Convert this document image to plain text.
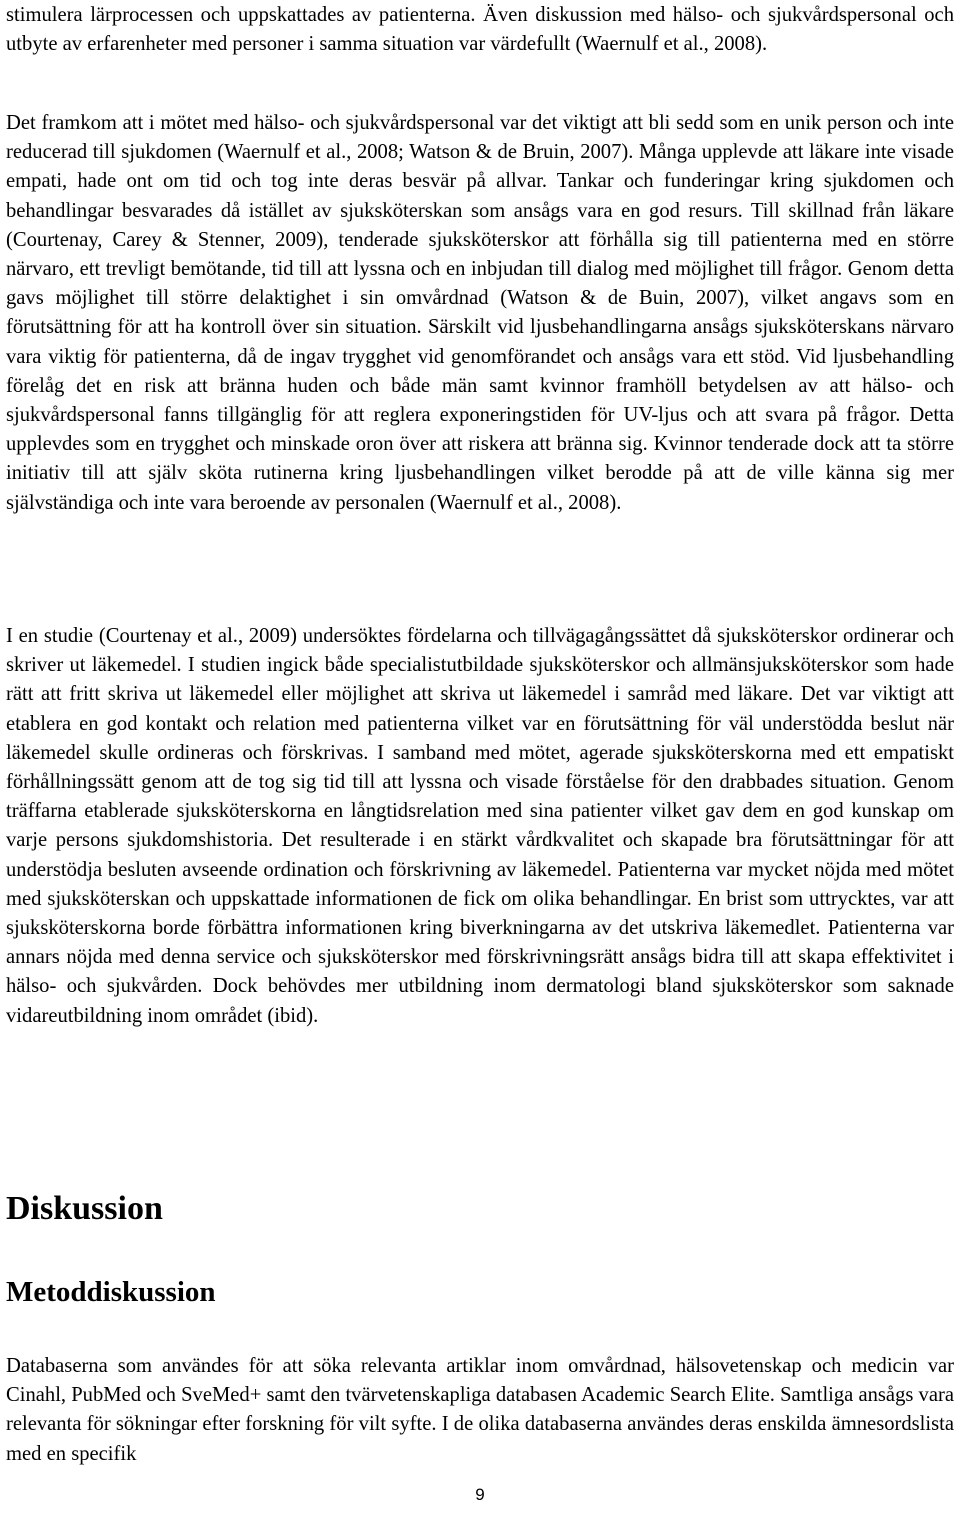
stimulera lärprocessen och uppskattades av patienterna. Även diskussion med hälso- och sjukvårdspersonal och utbyte av erfarenheter med personer i samma situation var värdefullt (Waernulf et al., 2008).

Det framkom att i mötet med hälso- och sjukvårdspersonal var det viktigt att bli sedd som en unik person och inte reducerad till sjukdomen (Waernulf et al., 2008; Watson & de Bruin, 2007). Många upplevde att läkare inte visade empati, hade ont om tid och tog inte deras besvär på allvar. Tankar och funderingar kring sjukdomen och behandlingar besvarades då istället av sjuksköterskan som ansågs vara en god resurs. Till skillnad från läkare (Courtenay, Carey & Stenner, 2009), tenderade sjuksköterskor att förhålla sig till patienterna med en större närvaro, ett trevligt bemötande, tid till att lyssna och en inbjudan till dialog med möjlighet till frågor. Genom detta gavs möjlighet till större delaktighet i sin omvårdnad (Watson & de Buin, 2007), vilket angavs som en förutsättning för att ha kontroll över sin situation. Särskilt vid ljusbehandlingarna ansågs sjuksköterskans närvaro vara viktig för patienterna, då de ingav trygghet vid genomförandet och ansågs vara ett stöd. Vid ljusbehandling förelåg det en risk att bränna huden och både män samt kvinnor framhöll betydelsen av att hälso- och sjukvårdspersonal fanns tillgänglig för att reglera exponeringstiden för UV-ljus och att svara på frågor. Detta upplevdes som en trygghet och minskade oron över att riskera att bränna sig. Kvinnor tenderade dock att ta större initiativ till att själv sköta rutinerna kring ljusbehandlingen vilket berodde på att de ville känna sig mer självständiga och inte vara beroende av personalen (Waernulf et al., 2008).

I en studie (Courtenay et al., 2009) undersöktes fördelarna och tillvägagångssättet då sjuksköterskor ordinerar och skriver ut läkemedel. I studien ingick både specialistutbildade sjuksköterskor och allmänsjuksköterskor som hade rätt att fritt skriva ut läkemedel eller möjlighet att skriva ut läkemedel i samråd med läkare. Det var viktigt att etablera en god kontakt och relation med patienterna vilket var en förutsättning för väl understödda beslut när läkemedel skulle ordineras och förskrivas. I samband med mötet, agerade sjuksköterskorna med ett empatiskt förhållningssätt genom att de tog sig tid till att lyssna och visade förståelse för den drabbades situation. Genom träffarna etablerade sjuksköterskorna en långtidsrelation med sina patienter vilket gav dem en god kunskap om varje persons sjukdomshistoria. Det resulterade i en stärkt vårdkvalitet och skapade bra förutsättningar för att understödja besluten avseende ordination och förskrivning av läkemedel. Patienterna var mycket nöjda med mötet med sjuksköterskan och uppskattade informationen de fick om olika behandlingar. En brist som uttrycktes, var att sjuksköterskorna borde förbättra informationen kring biverkningarna av det utskriva läkemedlet. Patienterna var annars nöjda med denna service och sjuksköterskor med förskrivningsrätt ansågs bidra till att skapa effektivitet i hälso- och sjukvården. Dock behövdes mer utbildning inom dermatologi bland sjuksköterskor som saknade vidareutbildning inom området (ibid).

Diskussion
Metoddiskussion

Databaserna som användes för att söka relevanta artiklar inom omvårdnad, hälsovetenskap och medicin var Cinahl, PubMed och SveMed+ samt den tvärvetenskapliga databasen Academic Search Elite. Samtliga ansågs vara relevanta för sökningar efter forskning för vilt syfte. I de olika databaserna användes deras enskilda ämnesordslista med en specifik

9
